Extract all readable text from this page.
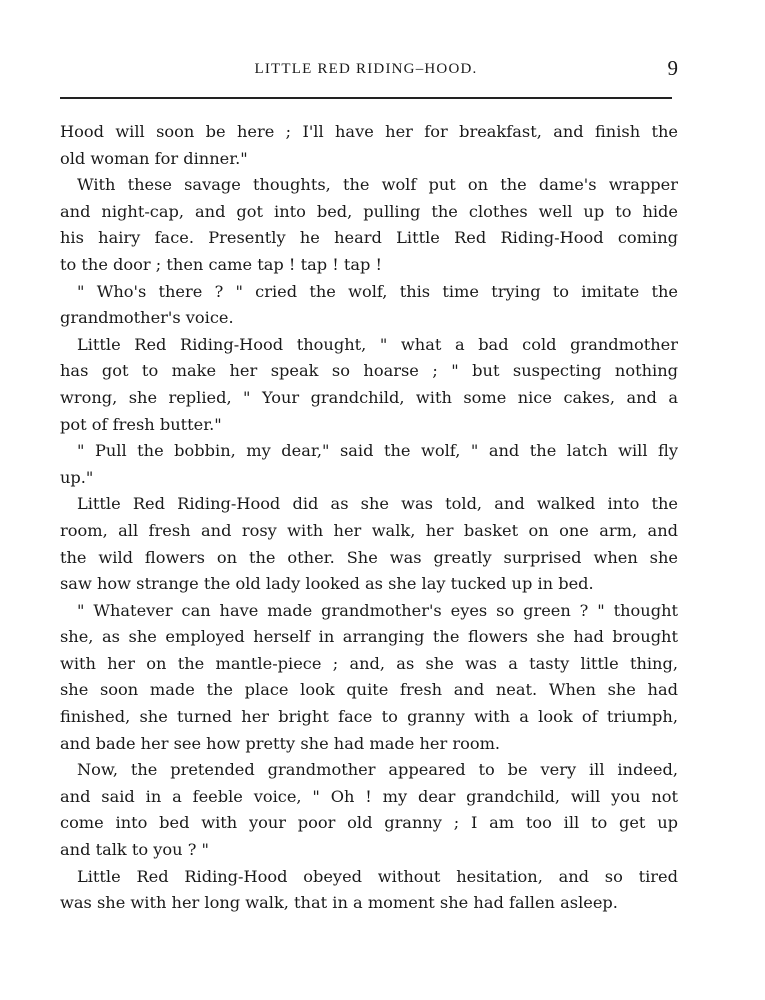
LITTLE RED RIDING–HOOD.	9
Hood will soon be here ; I'll have her for breakfast, and finish the
old woman for dinner."
With these savage thoughts, the wolf put on the dame's wrapper
and night-cap, and got into bed, pulling the clothes well up to hide
his hairy face. Presently he heard Little Red Riding-Hood coming
to the door ; then came tap ! tap ! tap !
" Who's there ? " cried the wolf, this time trying to imitate the
grandmother's voice.
Little Red Riding-Hood thought, " what a bad cold grandmother
has got to make her speak so hoarse ; " but suspecting nothing
wrong, she replied, " Your grandchild, with some nice cakes, and a
pot of fresh butter."
" Pull the bobbin, my dear," said the wolf, " and the latch will fly
up."
Little Red Riding-Hood did as she was told, and walked into the
room, all fresh and rosy with her walk, her basket on one arm, and
the wild flowers on the other. She was greatly surprised when she
saw how strange the old lady looked as she lay tucked up in bed.
" Whatever can have made grandmother's eyes so green ? " thought
she, as she employed herself in arranging the flowers she had brought
with her on the mantle-piece ; and, as she was a tasty little thing,
she soon made the place look quite fresh and neat. When she had
finished, she turned her bright face to granny with a look of triumph,
and bade her see how pretty she had made her room.
Now, the pretended grandmother appeared to be very ill indeed,
and said in a feeble voice, " Oh ! my dear grandchild, will you not
come into bed with your poor old granny ; I am too ill to get up
and talk to you ? "
Little Red Riding-Hood obeyed without hesitation, and so tired
was she with her long walk, that in a moment she had fallen asleep.
